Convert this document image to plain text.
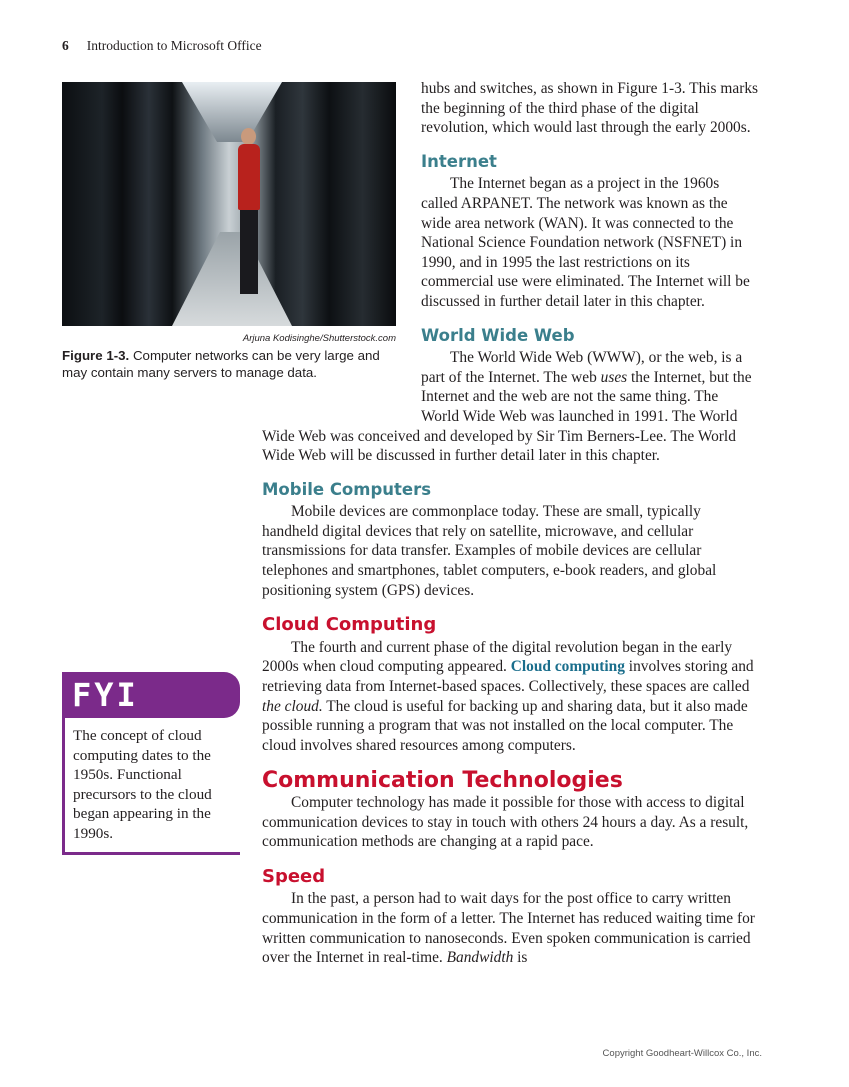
6 Introduction to Microsoft Office
Arjuna Kodisinghe/Shutterstock.com
Figure 1-3. Computer networks can be very large and may contain many servers to manage data.

hubs and switches, as shown in Figure 1-3. This marks the beginning of the third phase of the digital revolution, which would last through the early 2000s.

Internet

The Internet began as a project in the 1960s called ARPANET. The network was known as the wide area network (WAN). It was connected to the National Science Foundation network (NSFNET) in 1990, and in 1995 the last restrictions on its commercial use were eliminated. The Internet will be discussed in further detail later in this chapter.

World Wide Web

The World Wide Web (WWW), or the web, is a part of the Internet. The web uses the Internet, but the Internet and the web are not the same thing. The World Wide Web was launched in 1991. The World Wide Web was conceived and developed by Sir Tim Berners-Lee. The World Wide Web will be discussed in further detail later in this chapter.

Mobile Computers

Mobile devices are commonplace today. These are small, typically handheld digital devices that rely on satellite, microwave, and cellular transmissions for data transfer. Examples of mobile devices are cellular telephones and smartphones, tablet computers, e-book readers, and global positioning system (GPS) devices.

Cloud Computing

The fourth and current phase of the digital revolution began in the early 2000s when cloud computing appeared. Cloud computing involves storing and retrieving data from Internet-based spaces. Collectively, these spaces are called the cloud. The cloud is useful for backing up and sharing data, but it also made possible running a program that was not installed on the local computer. The cloud involves shared resources among computers.

Communication Technologies

Computer technology has made it possible for those with access to digital communication devices to stay in touch with others 24 hours a day. As a result, communication methods are changing at a rapid pace.

Speed

In the past, a person had to wait days for the post office to carry written communication in the form of a letter. The Internet has reduced waiting time for written communication to nanoseconds. Even spoken communication is carried over the Internet in real-time. Bandwidth is

FYI
The concept of cloud computing dates to the 1950s. Functional precursors to the cloud began appearing in the 1990s.
Copyright Goodheart-Willcox Co., Inc.
